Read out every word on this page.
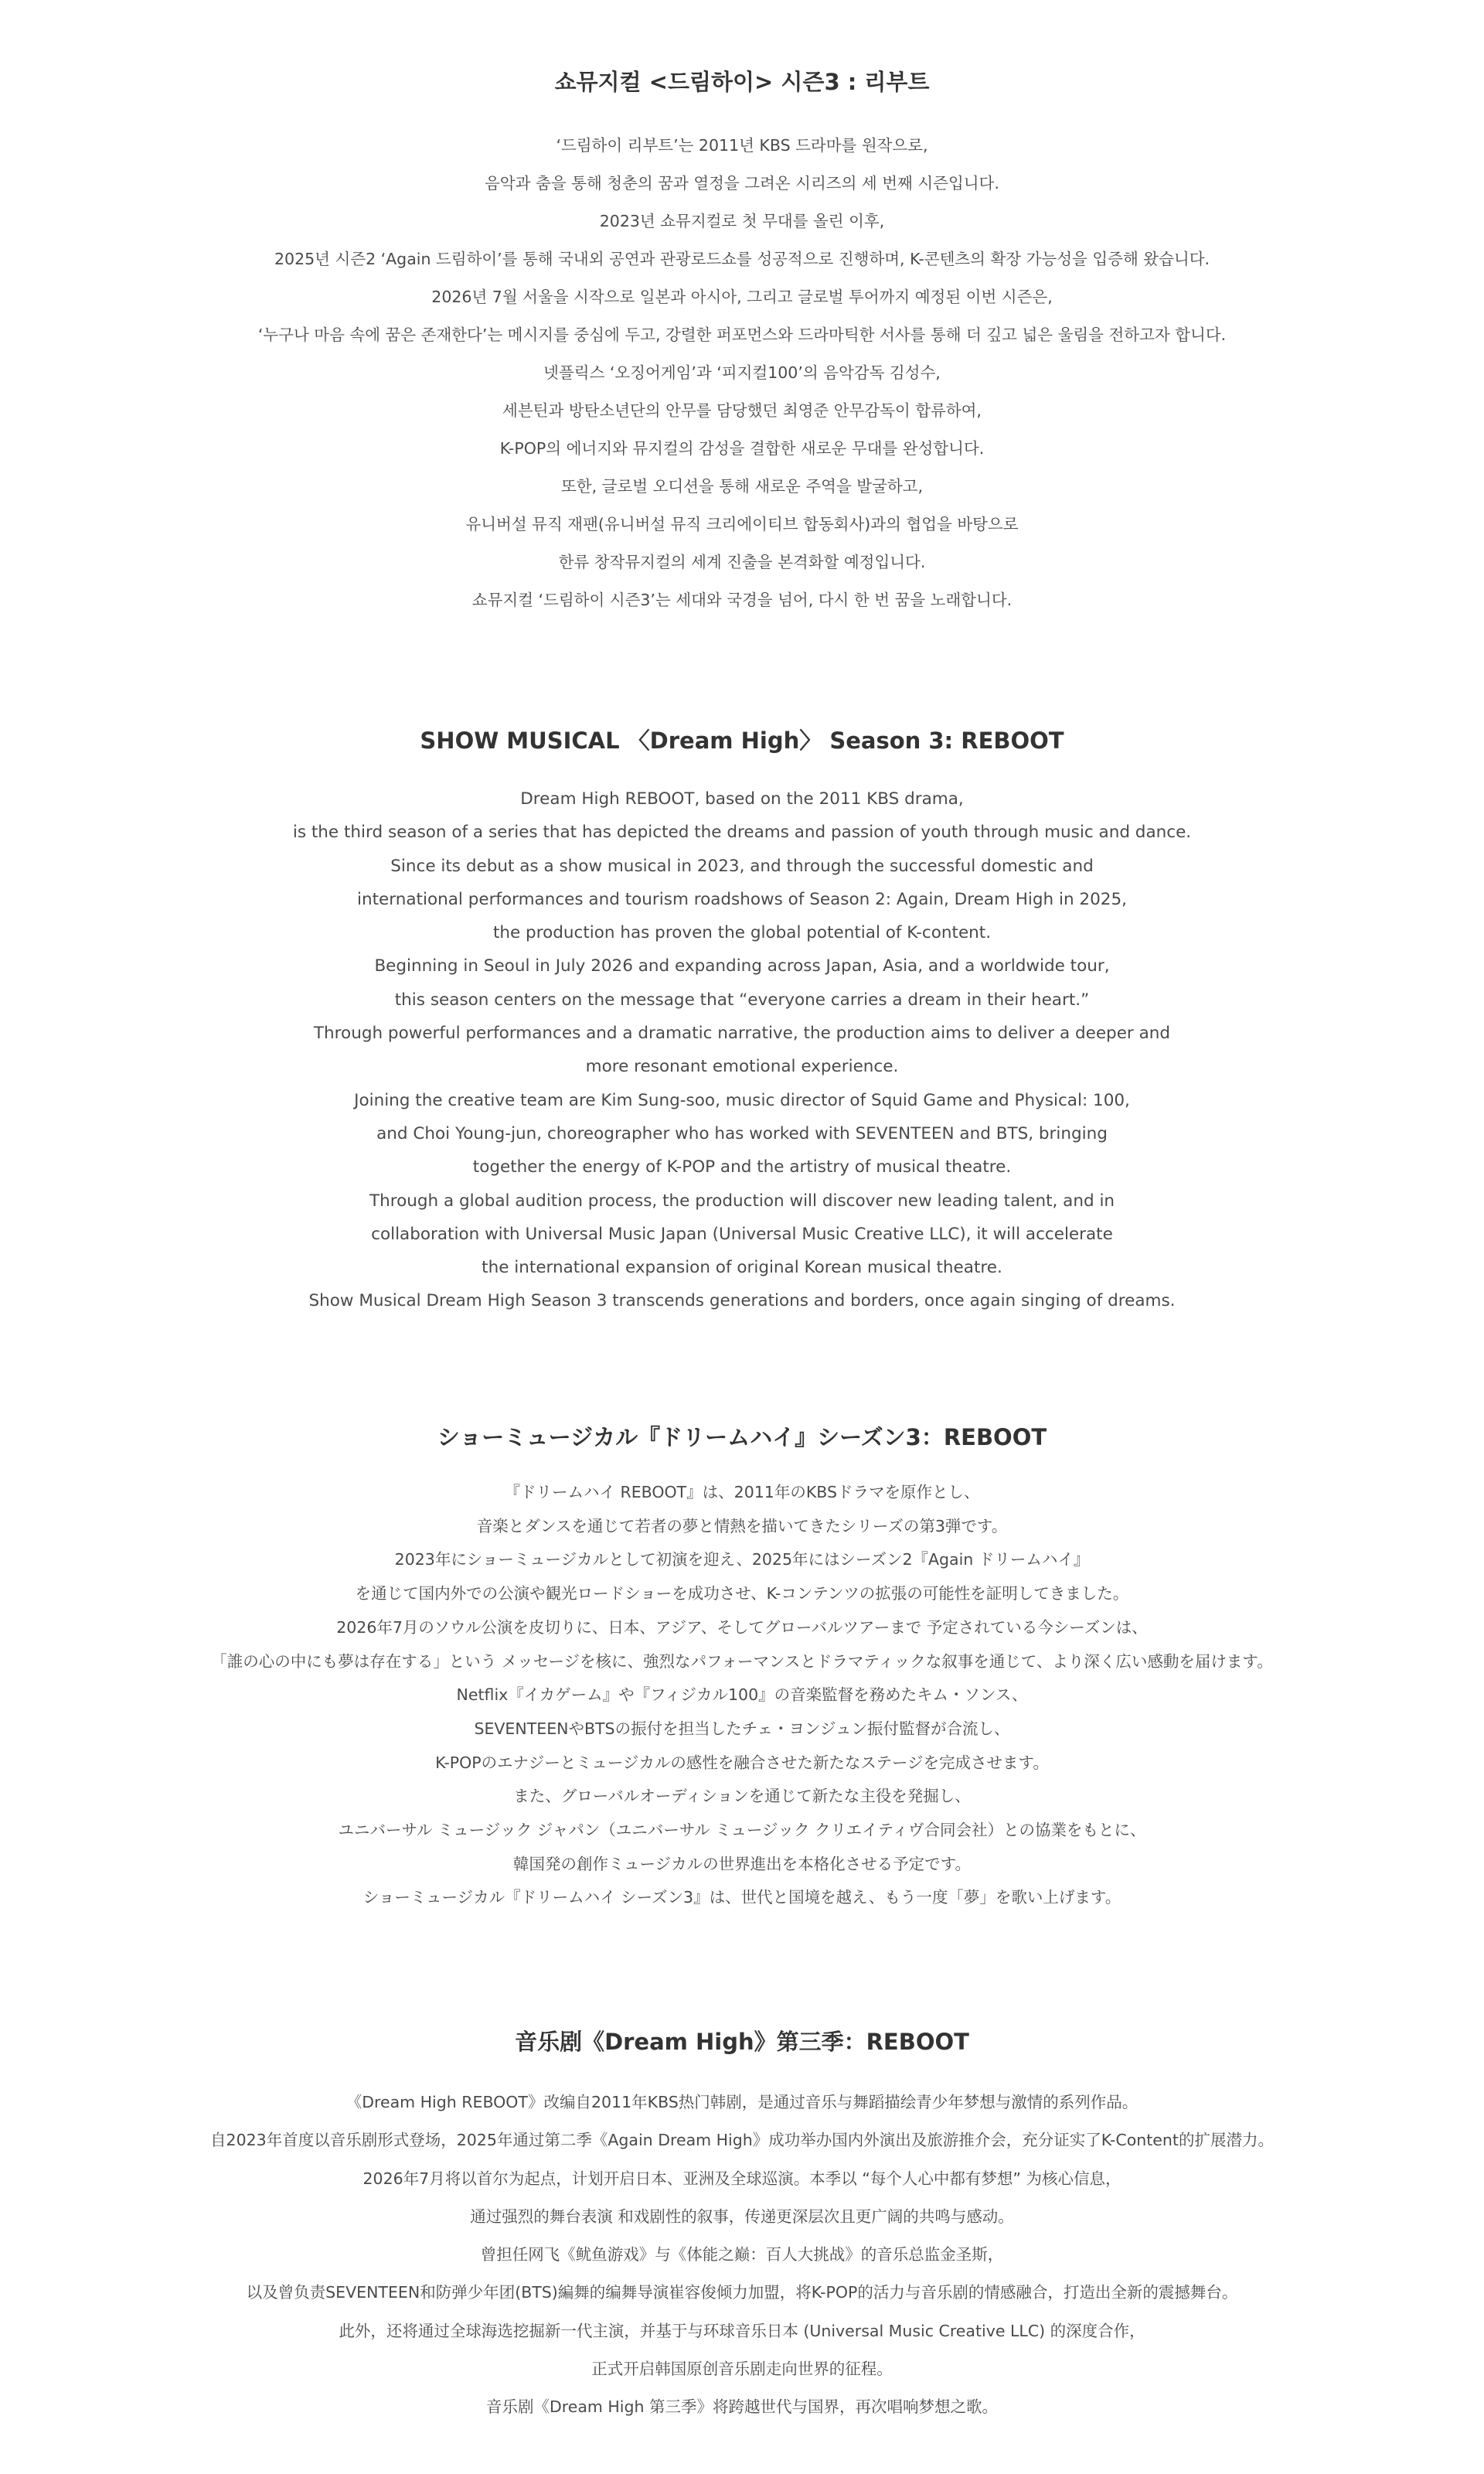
쇼뮤지컬 <드림하이> 시즌3 : 리부트
‘드림하이 리부트’는 2011년 KBS 드라마를 원작으로,
음악과 춤을 통해 청춘의 꿈과 열정을 그려온 시리즈의 세 번째 시즌입니다.
2023년 쇼뮤지컬로 첫 무대를 올린 이후,
2025년 시즌2 ‘Again 드림하이’를 통해 국내외 공연과 관광로드쇼를 성공적으로 진행하며, K-콘텐츠의 확장 가능성을 입증해 왔습니다.
2026년 7월 서울을 시작으로 일본과 아시아, 그리고 글로벌 투어까지 예정된 이번 시즌은,
‘누구나 마음 속에 꿈은 존재한다’는 메시지를 중심에 두고, 강렬한 퍼포먼스와 드라마틱한 서사를 통해 더 깊고 넓은 울림을 전하고자 합니다.
넷플릭스 ‘오징어게임’과 ‘피지컬100’의 음악감독 김성수,
세븐틴과 방탄소년단의 안무를 담당했던 최영준 안무감독이 합류하여,
K-POP의 에너지와 뮤지컬의 감성을 결합한 새로운 무대를 완성합니다.
또한, 글로벌 오디션을 통해 새로운 주역을 발굴하고,
유니버설 뮤직 재팬(유니버설 뮤직 크리에이티브 합동회사)과의 협업을 바탕으로
한류 창작뮤지컬의 세계 진출을 본격화할 예정입니다.
쇼뮤지컬 ‘드림하이 시즌3’는 세대와 국경을 넘어, 다시 한 번 꿈을 노래합니다.
SHOW MUSICAL 〈Dream High〉 Season 3: REBOOT
Dream High REBOOT, based on the 2011 KBS drama,
is the third season of a series that has depicted the dreams and passion of youth through music and dance.
Since its debut as a show musical in 2023, and through the successful domestic and
international performances and tourism roadshows of Season 2: Again, Dream High in 2025,
the production has proven the global potential of K-content.
Beginning in Seoul in July 2026 and expanding across Japan, Asia, and a worldwide tour,
this season centers on the message that “everyone carries a dream in their heart.”
Through powerful performances and a dramatic narrative, the production aims to deliver a deeper and
more resonant emotional experience.
Joining the creative team are Kim Sung-soo, music director of Squid Game and Physical: 100,
and Choi Young-jun, choreographer who has worked with SEVENTEEN and BTS, bringing
together the energy of K-POP and the artistry of musical theatre.
Through a global audition process, the production will discover new leading talent, and in
collaboration with Universal Music Japan (Universal Music Creative LLC), it will accelerate
the international expansion of original Korean musical theatre.
Show Musical Dream High Season 3 transcends generations and borders, once again singing of dreams.
ショーミュージカル『ドリームハイ』シーズン3：REBOOT
『ドリームハイ REBOOT』は、2011年のKBSドラマを原作とし、
音楽とダンスを通じて若者の夢と情熱を描いてきたシリーズの第3弾です。
2023年にショーミュージカルとして初演を迎え、2025年にはシーズン2『Again ドリームハイ』
を通じて国内外での公演や観光ロードショーを成功させ、K-コンテンツの拡張の可能性を証明してきました。
2026年7月のソウル公演を皮切りに、日本、アジア、そしてグローバルツアーまで 予定されている今シーズンは、
「誰の心の中にも夢は存在する」という メッセージを核に、強烈なパフォーマンスとドラマティックな叙事を通じて、より深く広い感動を届けます。
Netflix『イカゲーム』や『フィジカル100』の音楽監督を務めたキム・ソンス、
SEVENTEENやBTSの振付を担当したチェ・ヨンジュン振付監督が合流し、
K-POPのエナジーとミュージカルの感性を融合させた新たなステージを完成させます。
また、グローバルオーディションを通じて新たな主役を発掘し、
ユニバーサル ミュージック ジャパン（ユニバーサル ミュージック クリエイティヴ合同会社）との協業をもとに、
韓国発の創作ミュージカルの世界進出を本格化させる予定です。
ショーミュージカル『ドリームハイ シーズン3』は、世代と国境を越え、もう一度「夢」を歌い上げます。
音乐剧《Dream High》第三季：REBOOT
《Dream High REBOOT》改编自2011年KBS热门韩剧，是通过音乐与舞蹈描绘青少年梦想与激情的系列作品。
自2023年首度以音乐剧形式登场，2025年通过第二季《Again Dream High》成功举办国内外演出及旅游推介会，充分证实了K-Content的扩展潜力。
2026年7月将以首尔为起点，计划开启日本、亚洲及全球巡演。本季以 “每个人心中都有梦想” 为核心信息，
通过强烈的舞台表演 和戏剧性的叙事，传递更深层次且更广阔的共鸣与感动。
曾担任网飞《鱿鱼游戏》与《体能之巅：百人大挑战》的音乐总监金圣斯，
以及曾负责SEVENTEEN和防弹少年团(BTS)編舞的编舞导演崔容俊倾力加盟，将K-POP的活力与音乐剧的情感融合，打造出全新的震撼舞台。
此外，还将通过全球海选挖掘新一代主演，并基于与环球音乐日本 (Universal Music Creative LLC) 的深度合作，
正式开启韩国原创音乐剧走向世界的征程。
音乐剧《Dream High 第三季》将跨越世代与国界，再次唱响梦想之歌。
